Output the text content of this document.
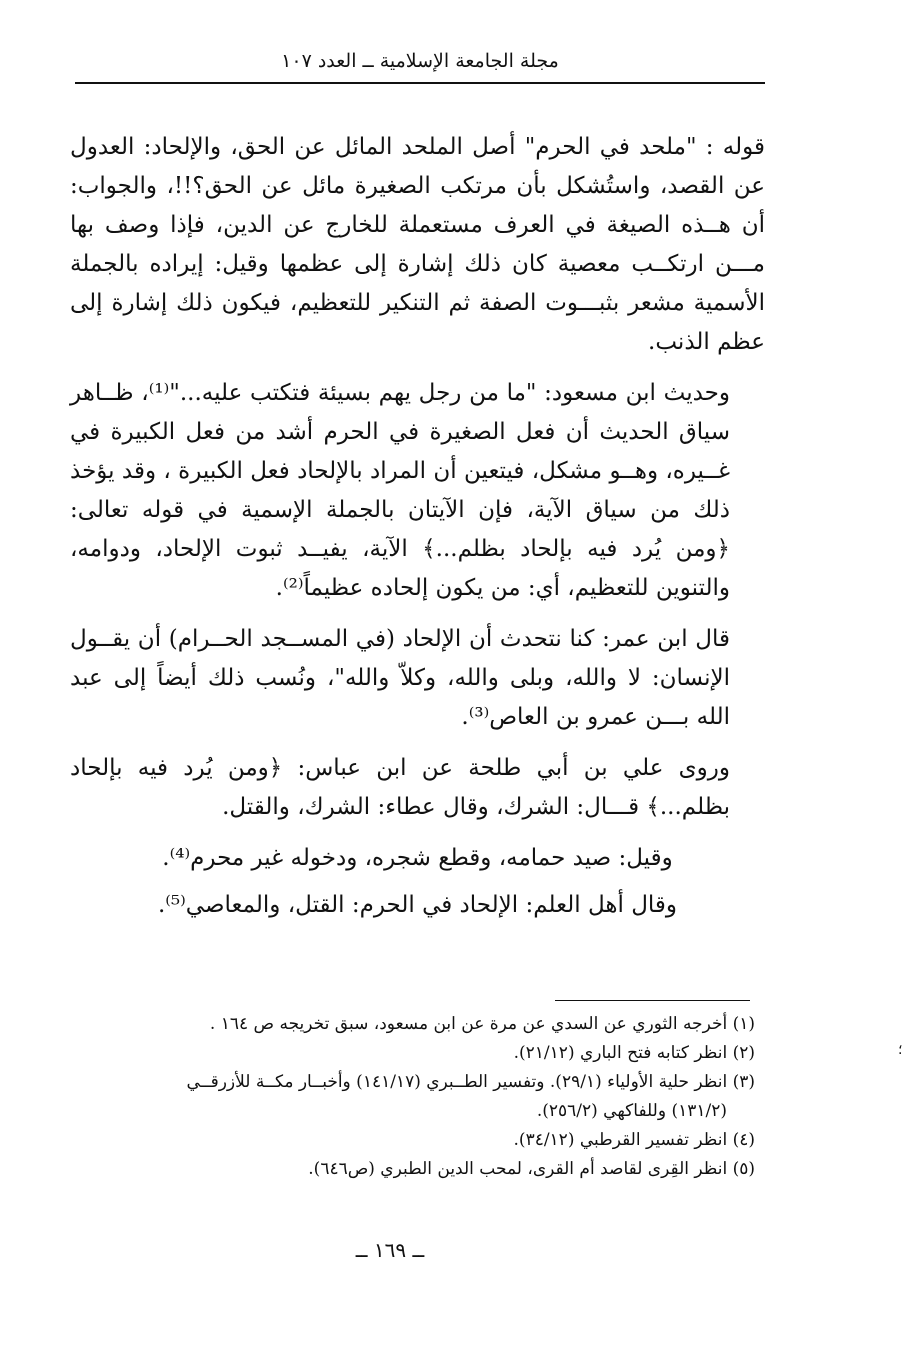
مجلة الجامعة الإسلامية ــ العدد ١٠٧

قوله : "ملحد في الحرم" أصل الملحد المائل عن الحق، والإلحاد: العدول عن القصد، واستُشكل بأن مرتكب الصغيرة مائل عن الحق؟!!، والجواب: أن هــذه الصيغة في العرف مستعملة للخارج عن الدين، فإذا وصف بها مـــن ارتكــب معصية كان ذلك إشارة إلى عظمها وقيل: إيراده بالجملة الأسمية مشعر بثبـــوت الصفة ثم التنكير للتعظيم، فيكون ذلك إشارة إلى عظم الذنب.

وحديث ابن مسعود: "ما من رجل يهم بسيئة فتكتب عليه..."⁽¹⁾، ظــاهر سياق الحديث أن فعل الصغيرة في الحرم أشد من فعل الكبيرة في غــيره، وهــو مشكل، فيتعين أن المراد بالإلحاد فعل الكبيرة ، وقد يؤخذ ذلك من سياق الآية، فإن الآيتان بالجملة الإسمية في قوله تعالى: ﴿ومن يُرد فيه بإلحاد بظلم...﴾ الآية، يفيــد ثبوت الإلحاد، ودوامه، والتنوين للتعظيم، أي: من يكون إلحاده عظيماً⁽²⁾.

قال ابن عمر: كنا نتحدث أن الإلحاد (في المســجد الحــرام) أن يقــول الإنسان: لا والله، وبلى والله، وكلاّ والله"، ونُسب ذلك أيضاً إلى عبد الله بـــن عمرو بن العاص⁽³⁾.

وروى علي بن أبي طلحة عن ابن عباس: ﴿ومن يُرد فيه بإلحاد بظلم...﴾ قـــال: الشرك، وقال عطاء: الشرك، والقتل.

وقيل: صيد حمامه، وقطع شجره، ودخوله غير محرم⁽⁴⁾.

وقال أهل العلم: الإلحاد في الحرم: القتل، والمعاصي⁽⁵⁾.

(١) أخرجه الثوري عن السدي عن مرة عن ابن مسعود، سبق تخريجه ص ١٦٤ .

(٢) انظر كتابه فتح الباري (٢١/١٢).

(٣) انظر حلية الأولياء (٢٩/١). وتفسير الطــبري (١٤١/١٧) وأخبــار مكــة للأزرقــي

(١٣١/٢) وللفاكهي (٢٥٦/٢).

(٤) انظر تفسير القرطبي (٣٤/١٢).

(٥) انظر القِرى لقاصد أم القرى، لمحب الدين الطبري (ص٦٤٦).

ــ ١٦٩ ــ
؛
